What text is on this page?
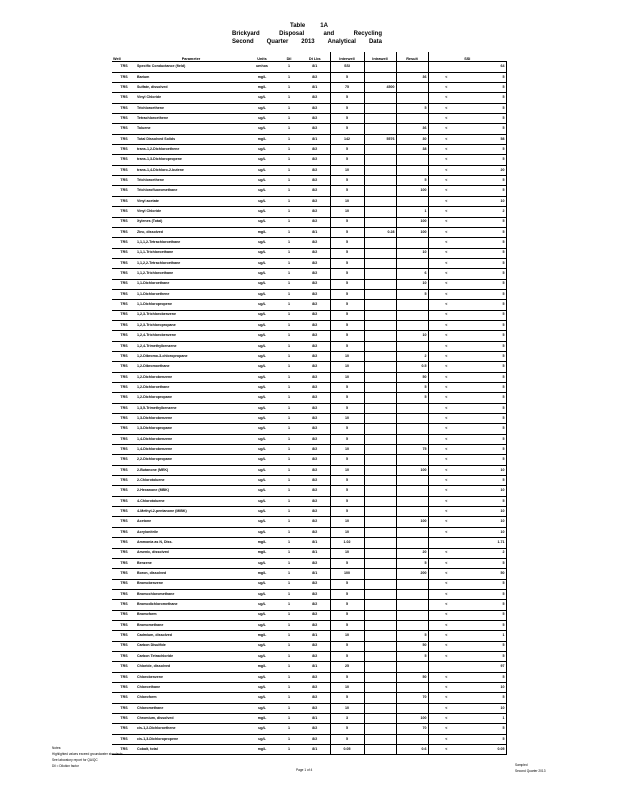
Table	1A
Brickyard	Disposal	and	Recycling
Second Quarter 2013 Analytical Data
Well	Parameter	Units	Dil	Dt Lbs	Interwell	Intrawell	Result	SSI	
TRS	Specific Conductance (field)	umhos	1	8/1	SSI				64
TRS	Barium	mg/L	1	8/2	5		36	<	5
TRS	Sulfate, dissolved	mg/L	1	8/1	75	4500		<	5
TRS	Vinyl Chloride	ug/L	1	8/2	5			<	5
TRS	Trichloroethene	ug/L	1	8/2	5		5	<	5
TRS	Tetrachloroethene	ug/L	1	8/2	5			<	5
TRS	Toluene	ug/L	1	8/2	5		36	<	5
TRS	Total Dissolved Solids	mg/L	1	8/1	142	5576	30	<	58
TRS	trans-1,2-Dichloroethene	ug/L	1	8/2	5		38	<	5
TRS	trans-1,3-Dichloropropene	ug/L	1	8/2	5			<	5
TRS	trans-1,4-Dichloro-2-butene	ug/L	1	8/2	10			<	20
TRS	Trichloroethene	ug/L	1	8/2	5		5	<	5
TRS	Trichlorofluoromethane	ug/L	1	8/2	5		100	<	5
TRS	Vinyl acetate	ug/L	1	8/2	10			<	10
TRS	Vinyl Chloride	ug/L	1	8/2	10		1	<	2
TRS	Xylenes (Total)	ug/L	1	8/2	5		100	<	5
TRS	Zinc, dissolved	mg/L	1	8/1	5	0.28	100	<	5
TRS	1,1,1,2-Tetrachloroethane	ug/L	1	8/2	5			<	5
TRS	1,1,1-Trichloroethane	ug/L	1	8/2	5		10	<	5
TRS	1,1,2,2-Tetrachloroethane	ug/L	1	8/2	5			<	5
TRS	1,1,2-Trichloroethane	ug/L	1	8/2	5		6	<	5
TRS	1,1-Dichloroethane	ug/L	1	8/2	5		10	<	5
TRS	1,1-Dichloroethene	ug/L	1	8/2	5		5	<	5
TRS	1,1-Dichloropropene	ug/L	1	8/2	5			<	5
TRS	1,2,3-Trichlorobenzene	ug/L	1	8/2	5			<	5
TRS	1,2,3-Trichloropropane	ug/L	1	8/2	5			<	5
TRS	1,2,4-Trichlorobenzene	ug/L	1	8/2	5		10	<	5
TRS	1,2,4-Trimethylbenzene	ug/L	1	8/2	5			<	5
TRS	1,2-Dibromo-3-chloropropane	ug/L	1	8/2	10		2	<	5
TRS	1,2-Dibromoethane	ug/L	1	8/2	10		0.5	<	5
TRS	1,2-Dichlorobenzene	ug/L	1	8/2	10		50	<	5
TRS	1,2-Dichloroethane	ug/L	1	8/2	5		5	<	5
TRS	1,2-Dichloropropane	ug/L	1	8/2	5		5	<	5
TRS	1,3,5-Trimethylbenzene	ug/L	1	8/2	5			<	5
TRS	1,3-Dichlorobenzene	ug/L	1	8/2	10			<	5
TRS	1,3-Dichloropropane	ug/L	1	8/2	5			<	5
TRS	1,4-Dichlorobenzene	ug/L	1	8/2	5			<	5
TRS	1,4-Dichlorobenzene	ug/L	1	8/2	10		75	<	5
TRS	2,2-Dichloropropane	ug/L	1	8/2	5			<	5
TRS	2-Butanone (MEK)	ug/L	1	8/2	10		100	<	10
TRS	2-Chlorotoluene	ug/L	1	8/2	5			<	5
TRS	2-Hexanone (MBK)	ug/L	1	8/2	5			<	10
TRS	4-Chlorotoluene	ug/L	1	8/2	5			<	5
TRS	4-Methyl-2-pentanone (MIBK)	ug/L	1	8/2	5			<	10
TRS	Acetone	ug/L	1	8/2	10		100	<	10
TRS	Acrylonitrile	ug/L	1	8/2	10			<	10
TRS	Ammonia as N, Diss.	mg/L	1	8/1	1.02				1.71
TRS	Arsenic, dissolved	mg/L	1	8/1	10		20	<	2
TRS	Benzene	ug/L	1	8/2	5		5	<	5
TRS	Boron, dissolved	mg/L	1	8/1	100		200	<	50
TRS	Bromobenzene	ug/L	1	8/2	5			<	5
TRS	Bromochloromethane	ug/L	1	8/2	5			<	5
TRS	Bromodichloromethane	ug/L	1	8/2	5			<	5
TRS	Bromoform	ug/L	1	8/2	5			<	5
TRS	Bromomethane	ug/L	1	8/2	5			<	5
TRS	Cadmium, dissolved	mg/L	1	8/1	10		5	<	1
TRS	Carbon Disulfide	ug/L	1	8/2	5		50	<	5
TRS	Carbon Tetrachloride	ug/L	1	8/2	5		5	<	5
TRS	Chloride, dissolved	mg/L	1	8/1	25				97
TRS	Chlorobenzene	ug/L	1	8/2	5		50	<	5
TRS	Chloroethane	ug/L	1	8/2	10			<	10
TRS	Chloroform	ug/L	1	8/2	5		70	<	5
TRS	Chloromethane	ug/L	1	8/2	10			<	10
TRS	Chromium, dissolved	mg/L	1	8/1	3		100	<	1
TRS	cis-1,2-Dichloroethene	ug/L	1	8/2	5		70	<	5
TRS	cis-1,3-Dichloropropene	ug/L	1	8/2	5			<	5
TRS	Cobalt, total	mg/L	1	8/1	0.05		0.6	<	0.05
Notes:
Highlighted values exceed groundwater standards
See laboratory report for QA/QC
Dil = Dilution factor
Page 1 of 4
Sampled
Second Quarter 2013
